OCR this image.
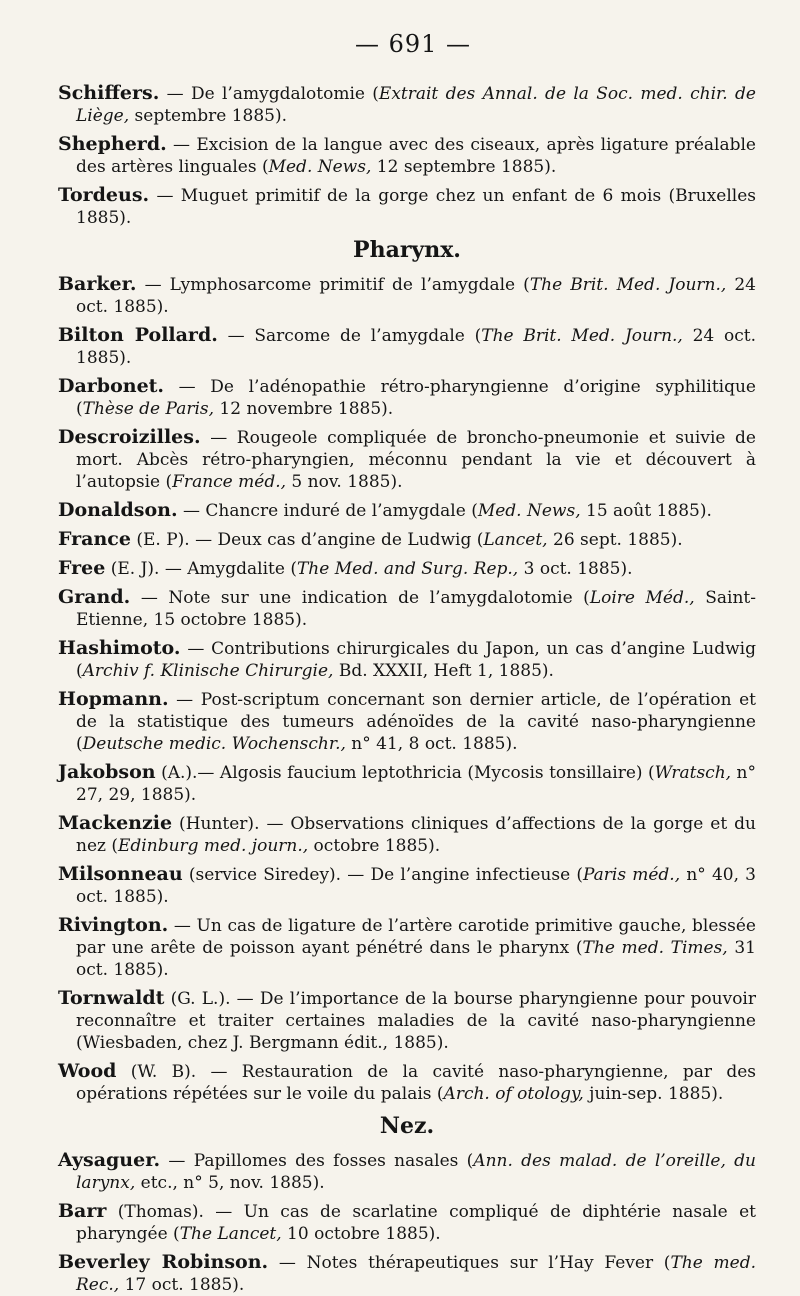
— 691 —

Schiffers. — De l’amygdalotomie (Extrait des Annal. de la Soc. med. chir. de Liège, septembre 1885).

Shepherd. — Excision de la langue avec des ciseaux, après ligature préalable des artères linguales (Med. News, 12 septembre 1885).

Tordeus. — Muguet primitif de la gorge chez un enfant de 6 mois (Bruxelles 1885).

Pharynx.

Barker. — Lymphosarcome primitif de l’amygdale (The Brit. Med. Journ., 24 oct. 1885).

Bilton Pollard. — Sarcome de l’amygdale (The Brit. Med. Journ., 24 oct. 1885).

Darbonet. — De l’adénopathie rétro-pharyngienne d’origine syphilitique (Thèse de Paris, 12 novembre 1885).

Descroizilles. — Rougeole compliquée de broncho-pneumonie et suivie de mort. Abcès rétro-pharyngien, méconnu pendant la vie et découvert à l’autopsie (France méd., 5 nov. 1885).

Donaldson. — Chancre induré de l’amygdale (Med. News, 15 août 1885).

France (E. P). — Deux cas d’angine de Ludwig (Lancet, 26 sept. 1885).

Free (E. J). — Amygdalite (The Med. and Surg. Rep., 3 oct. 1885).

Grand. — Note sur une indication de l’amygdalotomie (Loire Méd., Saint-Etienne, 15 octobre 1885).

Hashimoto. — Contributions chirurgicales du Japon, un cas d’angine Ludwig (Archiv f. Klinische Chirurgie, Bd. XXXII, Heft 1, 1885).

Hopmann. — Post-scriptum concernant son dernier article, de l’opération et de la statistique des tumeurs adénoïdes de la cavité naso-pharyngienne (Deutsche medic. Wochenschr., n° 41, 8 oct. 1885).

Jakobson (A.).— Algosis faucium leptothricia (Mycosis tonsillaire) (Wratsch, n° 27, 29, 1885).

Mackenzie (Hunter). — Observations cliniques d’affections de la gorge et du nez (Edinburg med. journ., octobre 1885).

Milsonneau (service Siredey). — De l’angine infectieuse (Paris méd., n° 40, 3 oct. 1885).

Rivington. — Un cas de ligature de l’artère carotide primitive gauche, blessée par une arête de poisson ayant pénétré dans le pharynx (The med. Times, 31 oct. 1885).

Tornwaldt (G. L.). — De l’importance de la bourse pharyngienne pour pouvoir reconnaître et traiter certaines maladies de la cavité naso-pharyngienne (Wiesbaden, chez J. Bergmann édit., 1885).

Wood (W. B). — Restauration de la cavité naso-pharyngienne, par des opérations répétées sur le voile du palais (Arch. of otology, juin-sep. 1885).

Nez.

Aysaguer. — Papillomes des fosses nasales (Ann. des malad. de l’oreille, du larynx, etc., n° 5, nov. 1885).

Barr (Thomas). — Un cas de scarlatine compliqué de diphtérie nasale et pharyngée (The Lancet, 10 octobre 1885).

Beverley Robinson. — Notes thérapeutiques sur l’Hay Fever (The med. Rec., 17 oct. 1885).
